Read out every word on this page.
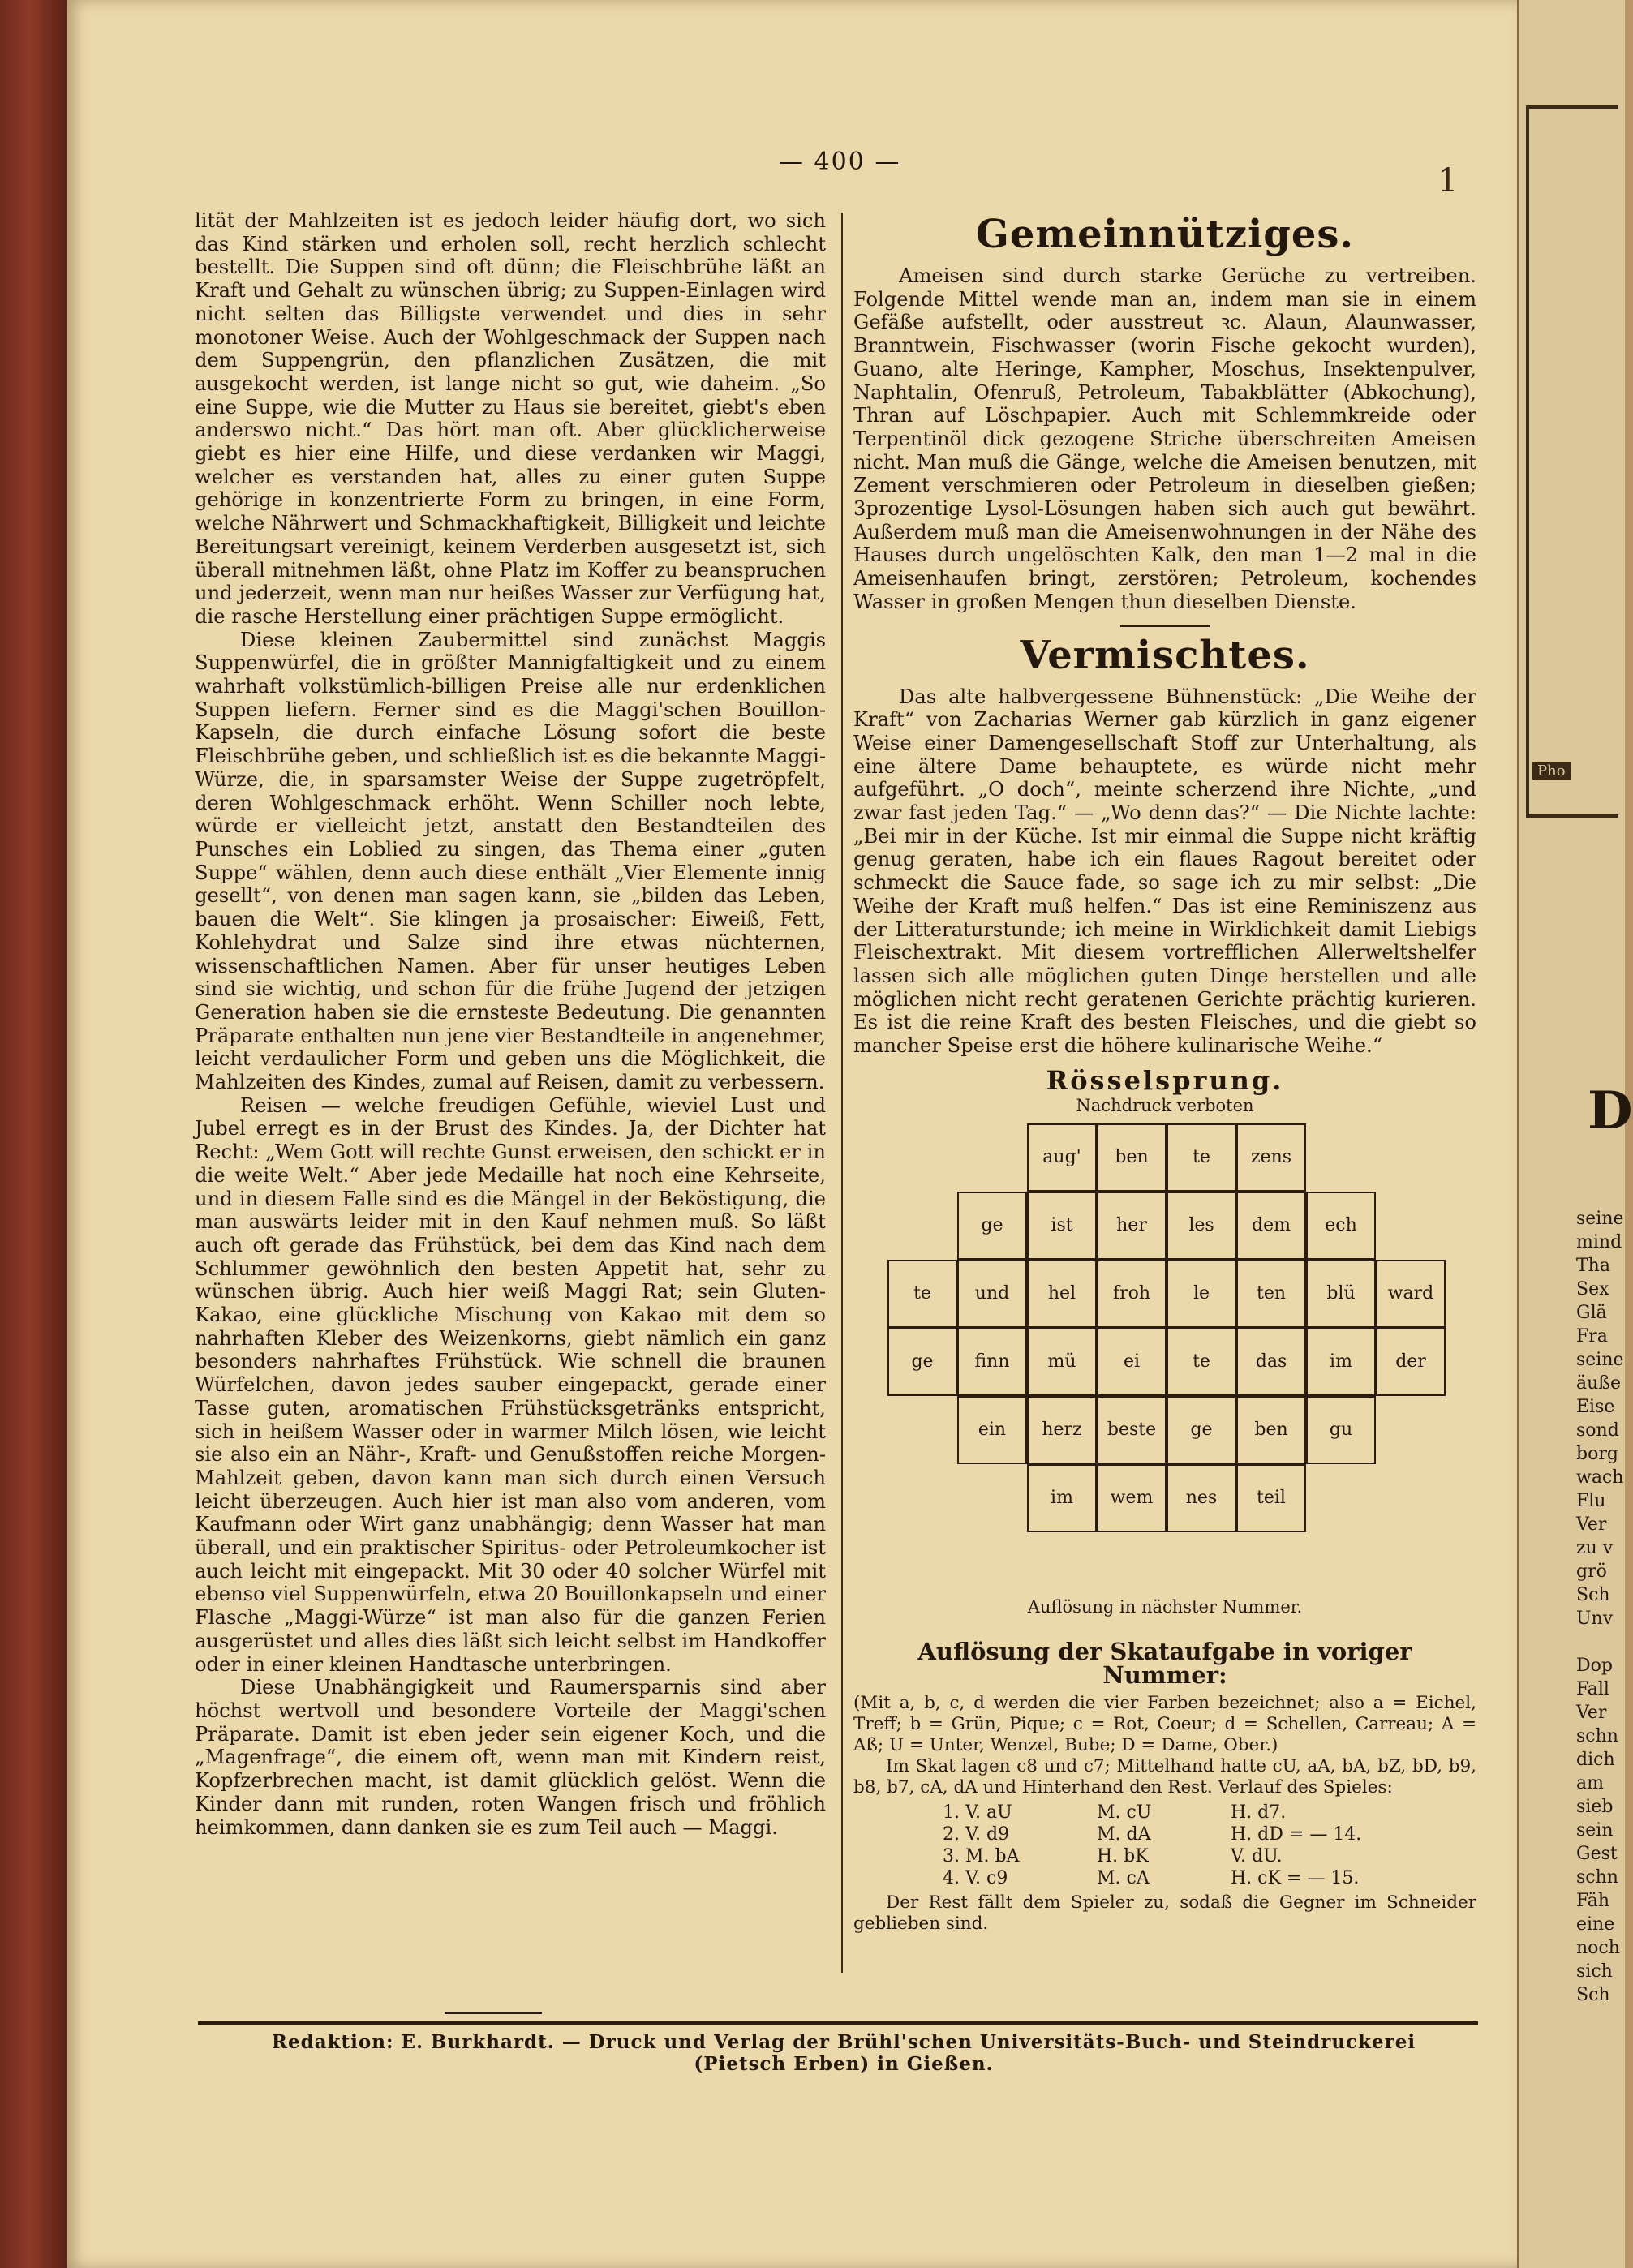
— 400 —
1

lität der Mahlzeiten ist es jedoch leider häufig dort, wo sich das Kind stärken und erholen soll, recht herzlich schlecht bestellt. Die Suppen sind oft dünn; die Fleischbrühe läßt an Kraft und Gehalt zu wünschen übrig; zu Suppen-Einlagen wird nicht selten das Billigste verwendet und dies in sehr monotoner Weise. Auch der Wohlgeschmack der Suppen nach dem Suppengrün, den pflanzlichen Zusätzen, die mit ausgekocht werden, ist lange nicht so gut, wie daheim. „So eine Suppe, wie die Mutter zu Haus sie bereitet, giebt's eben anderswo nicht.“ Das hört man oft. Aber glücklicherweise giebt es hier eine Hilfe, und diese verdanken wir Maggi, welcher es verstanden hat, alles zu einer guten Suppe gehörige in konzentrierte Form zu bringen, in eine Form, welche Nährwert und Schmackhaftigkeit, Billigkeit und leichte Bereitungsart vereinigt, keinem Verderben ausgesetzt ist, sich überall mitnehmen läßt, ohne Platz im Koffer zu beanspruchen und jederzeit, wenn man nur heißes Wasser zur Verfügung hat, die rasche Herstellung einer prächtigen Suppe ermöglicht.

Diese kleinen Zaubermittel sind zunächst Maggis Suppenwürfel, die in größter Mannigfaltigkeit und zu einem wahrhaft volkstümlich-billigen Preise alle nur erdenklichen Suppen liefern. Ferner sind es die Maggi'schen Bouillon-Kapseln, die durch einfache Lösung sofort die beste Fleischbrühe geben, und schließlich ist es die bekannte Maggi-Würze, die, in sparsamster Weise der Suppe zugetröpfelt, deren Wohlgeschmack erhöht. Wenn Schiller noch lebte, würde er vielleicht jetzt, anstatt den Bestandteilen des Punsches ein Loblied zu singen, das Thema einer „guten Suppe“ wählen, denn auch diese enthält „Vier Elemente innig gesellt“, von denen man sagen kann, sie „bilden das Leben, bauen die Welt“. Sie klingen ja prosaischer: Eiweiß, Fett, Kohlehydrat und Salze sind ihre etwas nüchternen, wissenschaftlichen Namen. Aber für unser heutiges Leben sind sie wichtig, und schon für die frühe Jugend der jetzigen Generation haben sie die ernsteste Bedeutung. Die genannten Präparate enthalten nun jene vier Bestandteile in angenehmer, leicht verdaulicher Form und geben uns die Möglichkeit, die Mahlzeiten des Kindes, zumal auf Reisen, damit zu verbessern.

Reisen — welche freudigen Gefühle, wieviel Lust und Jubel erregt es in der Brust des Kindes. Ja, der Dichter hat Recht: „Wem Gott will rechte Gunst erweisen, den schickt er in die weite Welt.“ Aber jede Medaille hat noch eine Kehrseite, und in diesem Falle sind es die Mängel in der Beköstigung, die man auswärts leider mit in den Kauf nehmen muß. So läßt auch oft gerade das Frühstück, bei dem das Kind nach dem Schlummer gewöhnlich den besten Appetit hat, sehr zu wünschen übrig. Auch hier weiß Maggi Rat; sein Gluten-Kakao, eine glückliche Mischung von Kakao mit dem so nahrhaften Kleber des Weizenkorns, giebt nämlich ein ganz besonders nahrhaftes Frühstück. Wie schnell die braunen Würfelchen, davon jedes sauber eingepackt, gerade einer Tasse guten, aromatischen Frühstücksgetränks entspricht, sich in heißem Wasser oder in warmer Milch lösen, wie leicht sie also ein an Nähr-, Kraft- und Genußstoffen reiche Morgen-Mahlzeit geben, davon kann man sich durch einen Versuch leicht überzeugen. Auch hier ist man also vom anderen, vom Kaufmann oder Wirt ganz unabhängig; denn Wasser hat man überall, und ein praktischer Spiritus- oder Petroleumkocher ist auch leicht mit eingepackt. Mit 30 oder 40 solcher Würfel mit ebenso viel Suppenwürfeln, etwa 20 Bouillonkapseln und einer Flasche „Maggi-Würze“ ist man also für die ganzen Ferien ausgerüstet und alles dies läßt sich leicht selbst im Handkoffer oder in einer kleinen Handtasche unterbringen.

Diese Unabhängigkeit und Raumersparnis sind aber höchst wertvoll und besondere Vorteile der Maggi'schen Präparate. Damit ist eben jeder sein eigener Koch, und die „Magenfrage“, die einem oft, wenn man mit Kindern reist, Kopfzerbrechen macht, ist damit glücklich gelöst. Wenn die Kinder dann mit runden, roten Wangen frisch und fröhlich heimkommen, dann danken sie es zum Teil auch — Maggi.

Gemeinnütziges.

Ameisen sind durch starke Gerüche zu vertreiben. Folgende Mittel wende man an, indem man sie in einem Gefäße aufstellt, oder ausstreut ꝛc. Alaun, Alaunwasser, Branntwein, Fischwasser (worin Fische gekocht wurden), Guano, alte Heringe, Kampher, Moschus, Insektenpulver, Naphtalin, Ofenruß, Petroleum, Tabakblätter (Abkochung), Thran auf Löschpapier. Auch mit Schlemmkreide oder Terpentinöl dick gezogene Striche überschreiten Ameisen nicht. Man muß die Gänge, welche die Ameisen benutzen, mit Zement verschmieren oder Petroleum in dieselben gießen; 3prozentige Lysol-Lösungen haben sich auch gut bewährt. Außerdem muß man die Ameisenwohnungen in der Nähe des Hauses durch ungelöschten Kalk, den man 1—2 mal in die Ameisenhaufen bringt, zerstören; Petroleum, kochendes Wasser in großen Mengen thun dieselben Dienste.

Vermischtes.

Das alte halbvergessene Bühnenstück: „Die Weihe der Kraft“ von Zacharias Werner gab kürzlich in ganz eigener Weise einer Damengesellschaft Stoff zur Unterhaltung, als eine ältere Dame behauptete, es würde nicht mehr aufgeführt. „O doch“, meinte scherzend ihre Nichte, „und zwar fast jeden Tag.“ — „Wo denn das?“ — Die Nichte lachte: „Bei mir in der Küche. Ist mir einmal die Suppe nicht kräftig genug geraten, habe ich ein flaues Ragout bereitet oder schmeckt die Sauce fade, so sage ich zu mir selbst: „Die Weihe der Kraft muß helfen.“ Das ist eine Reminiszenz aus der Litteraturstunde; ich meine in Wirklichkeit damit Liebigs Fleischextrakt. Mit diesem vortrefflichen Allerweltshelfer lassen sich alle möglichen guten Dinge herstellen und alle möglichen nicht recht geratenen Gerichte prächtig kurieren. Es ist die reine Kraft des besten Fleisches, und die giebt so mancher Speise erst die höhere kulinarische Weihe.“

Rösselsprung.
Nachdruck verboten
aug'	ben	te	zens
ge	ist	her	les	dem	ech
te	und	hel	froh	le	ten	blü	ward
ge	finn	mü	ei	te	das	im	der
ein	herz	beste	ge	ben	gu
im	wem	nes	teil
Auflösung in nächster Nummer.
Auflösung der Skataufgabe in voriger Nummer:

(Mit a, b, c, d werden die vier Farben bezeichnet; also a = Eichel, Treff; b = Grün, Pique; c = Rot, Coeur; d = Schellen, Carreau; A = Aß; U = Unter, Wenzel, Bube; D = Dame, Ober.)

Im Skat lagen c8 und c7; Mittelhand hatte cU, aA, bA, bZ, bD, b9, b8, b7, cA, dA und Hinterhand den Rest. Verlauf des Spieles:

1. V. aU	M. cU	H. d7.
2. V. d9	M. dA	H. dD = — 14.
3. M. bA	H. bK	V. dU.
4. V. c9	M. cA	H. cK = — 15.

Der Rest fällt dem Spieler zu, sodaß die Gegner im Schneider geblieben sind.

Redaktion: E. Burkhardt. — Druck und Verlag der Brühl'schen Universitäts-Buch- und Steindruckerei (Pietsch Erben) in Gießen.
Pho
D
seine
mind
Tha
Sex
Glä
Fra
seine
äuße
Eise
sond
borg
wach
Flu
Ver
zu v
grö
Sch
Unv

Dop
Fall
Ver
schn
dich
am
sieb
sein
Gest
schn
Fäh
eine
noch
sich
Sch
